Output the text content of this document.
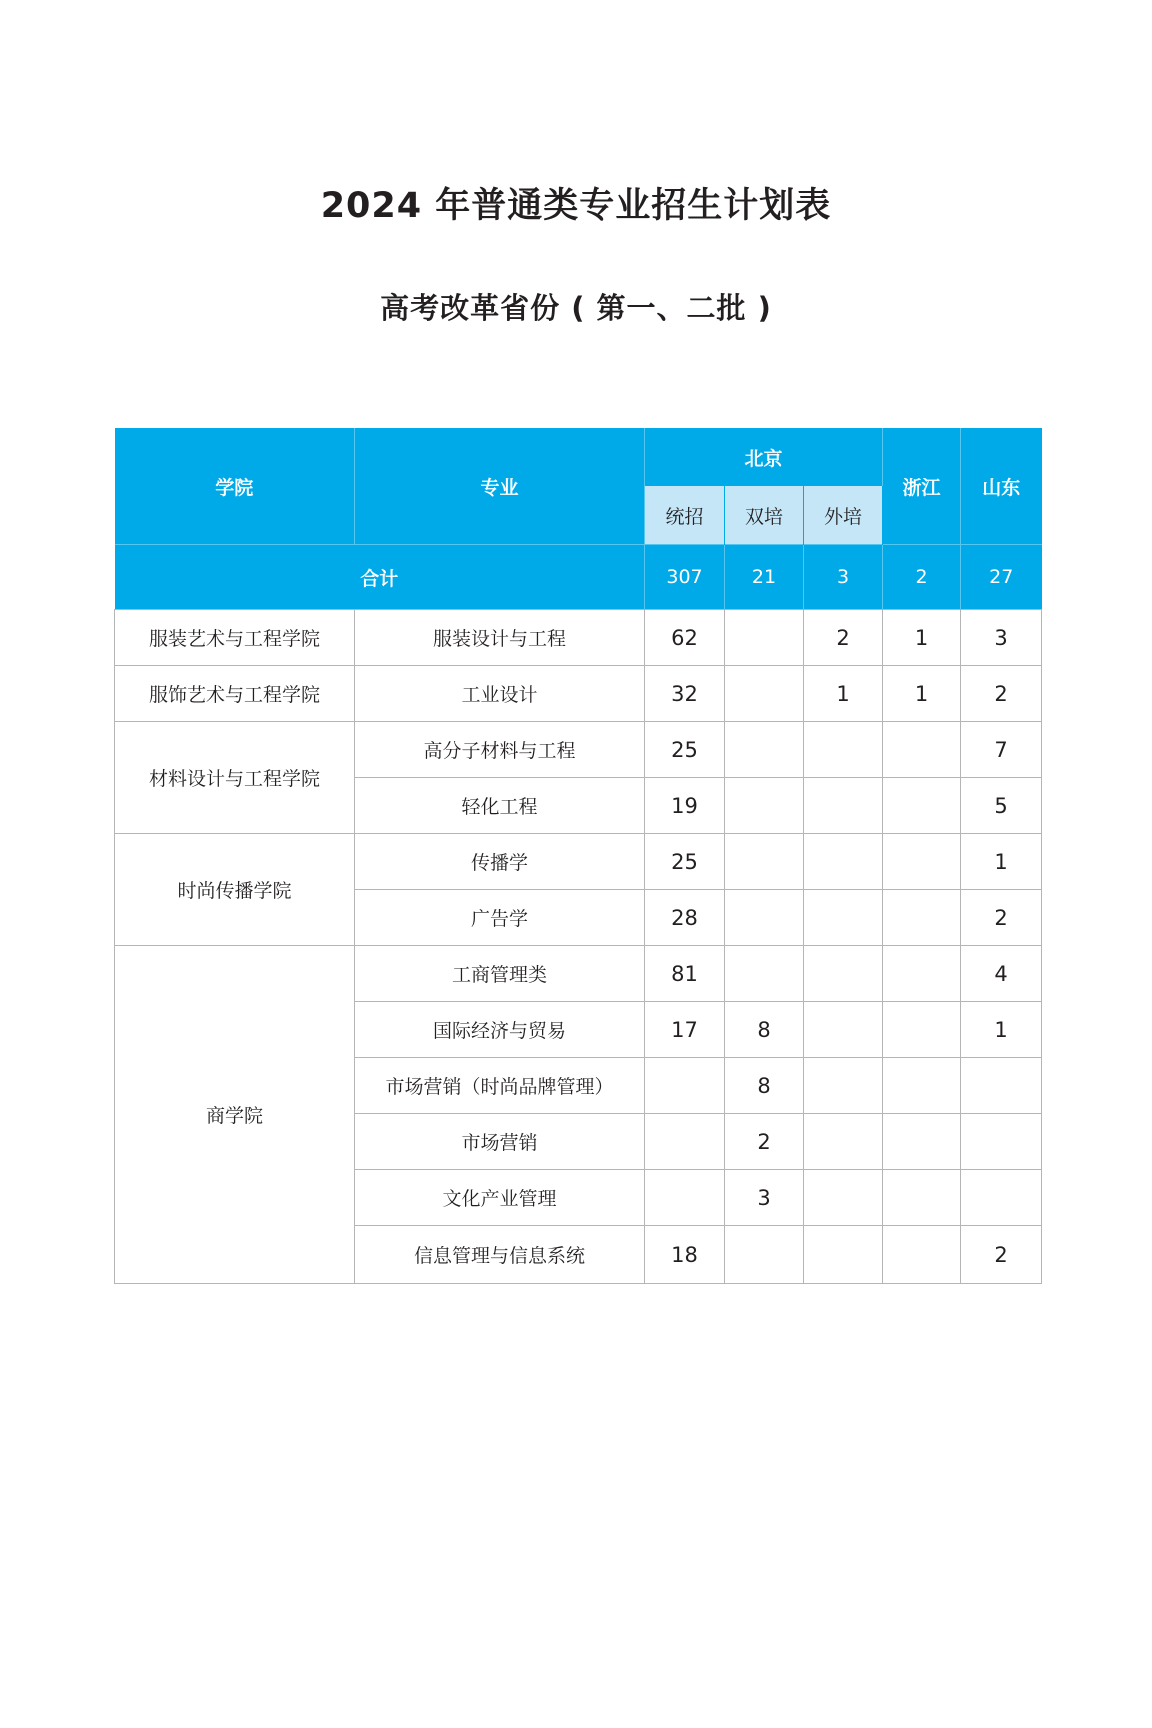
2024 年普通类专业招生计划表
高考改革省份 ( 第一、二批 )
学院	专业	北京			浙江	山东
		统招	双培	外培		
合计		307	21	3	2	27
服装艺术与工程学院	服装设计与工程	62		2	1	3
服饰艺术与工程学院	工业设计	32		1	1	2
材料设计与工程学院	高分子材料与工程	25				7
	轻化工程	19				5
时尚传播学院	传播学	25				1
	广告学	28				2
商学院	工商管理类	81				4
	国际经济与贸易	17	8			1
	市场营销（时尚品牌管理）		8			
	市场营销		2			
	文化产业管理		3			
	信息管理与信息系统	18				2
